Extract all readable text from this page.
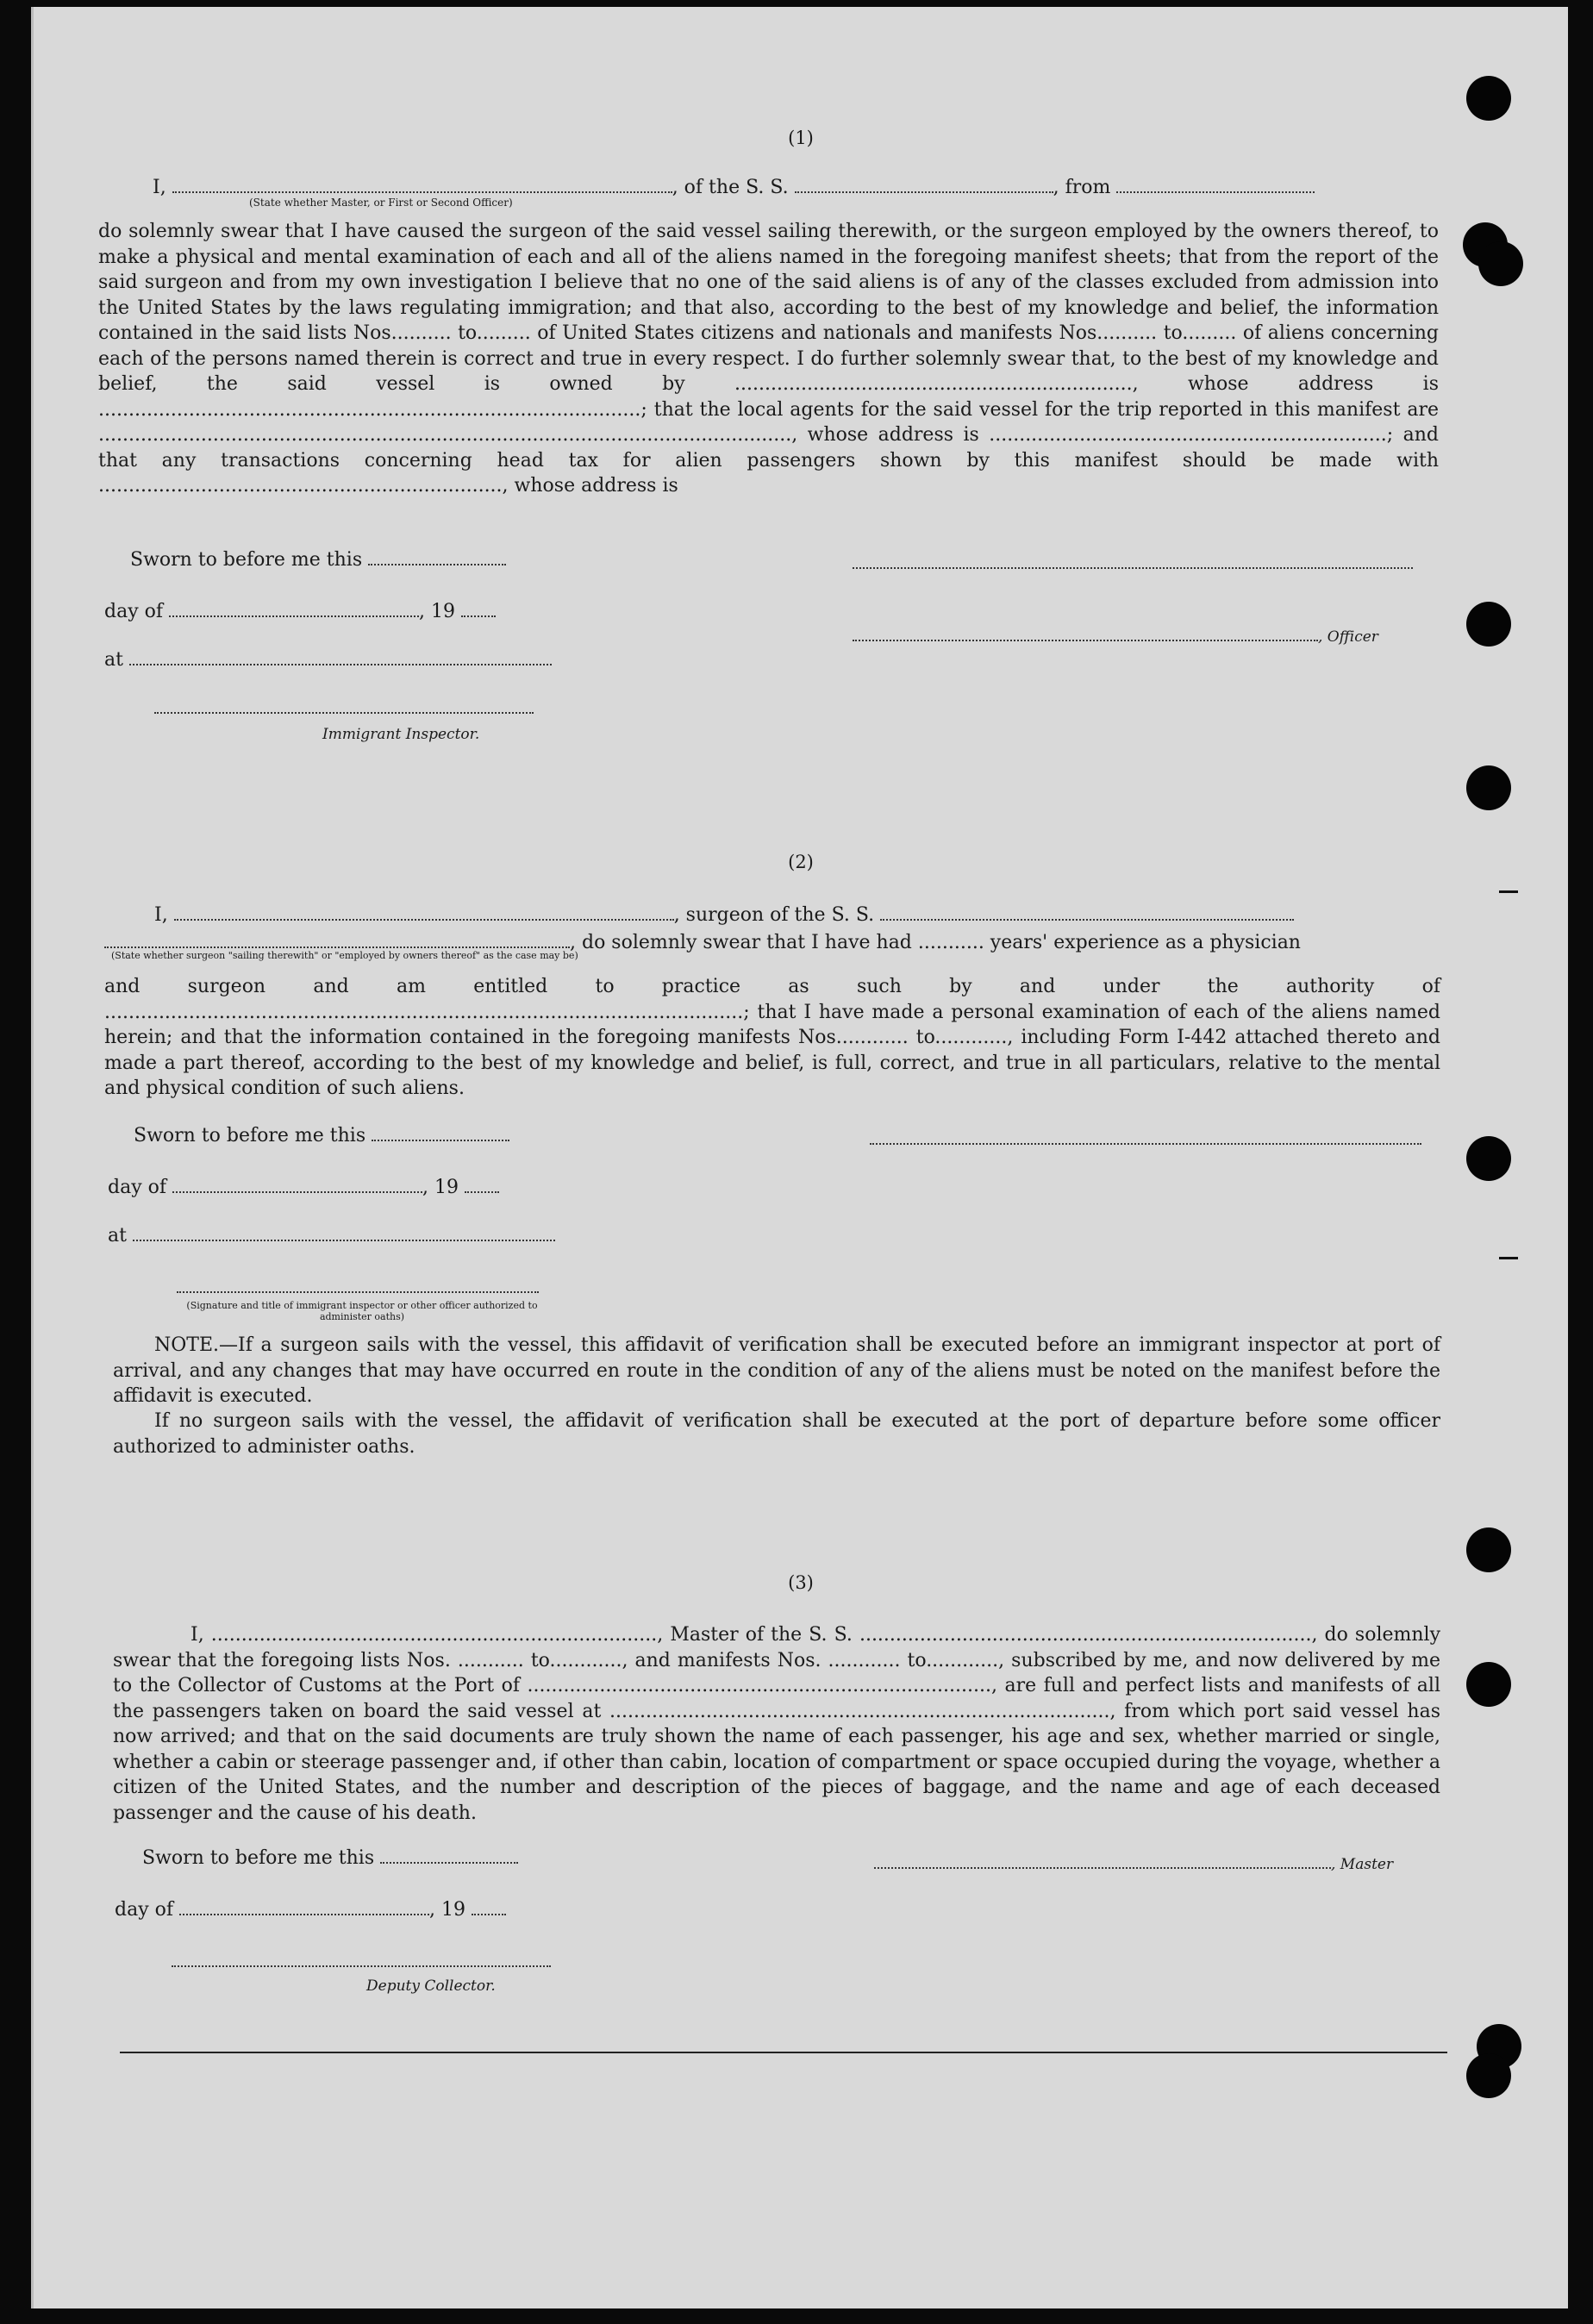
(1)
I,	, of the S. S.	, from
(State whether Master, or First or Second Officer)
do solemnly swear that I have caused the surgeon of the said vessel sailing therewith, or the surgeon employed by the owners thereof, to make a physical and mental examination of each and all of the aliens named in the foregoing manifest sheets; that from the report of the said surgeon and from my own investigation I believe that no one of the said aliens is of any of the classes excluded from admission into the United States by the laws regulating immigration; and that also, according to the best of my knowledge and belief, the information contained in the said lists Nos.......... to......... of United States citizens and nationals and manifests Nos.......... to......... of aliens concerning each of the persons named therein is correct and true in every respect. I do further solemnly swear that, to the best of my knowledge and belief, the said vessel is owned by .................................................................., whose address is ..........................................................................................; that the local agents for the said vessel for the trip reported in this manifest are ..................................................................................................................., whose address is ..................................................................; and that any transactions concerning head tax for alien passengers shown by this manifest should be made with ..................................................................., whose address is
Sworn to before me this
day of	, 19
, Officer
at
Immigrant Inspector.
(2)
I,	, surgeon of the S. S.
, do solemnly swear that I have had ........... years' experience as a physician
(State whether surgeon "sailing therewith" or "employed by owners thereof" as the case may be)
and surgeon and am entitled to practice as such by and under the authority of ..........................................................................................................; that I have made a personal examination of each of the aliens named herein; and that the information contained in the foregoing manifests Nos............ to............, including Form I-442 attached thereto and made a part thereof, according to the best of my knowledge and belief, is full, correct, and true in all particulars, relative to the mental and physical condition of such aliens.
Sworn to before me this
day of	, 19
at
(Signature and title of immigrant inspector or other officer authorized to administer oaths)
NOTE.—If a surgeon sails with the vessel, this affidavit of verification shall be executed before an immigrant inspector at port of arrival, and any changes that may have occurred en route in the condition of any of the aliens must be noted on the manifest before the affidavit is executed.
If no surgeon sails with the vessel, the affidavit of verification shall be executed at the port of departure before some officer authorized to administer oaths.
(3)
I, .........................................................................., Master of the S. S. ..........................................................................., do solemnly swear that the foregoing lists Nos. ........... to............, and manifests Nos. ............ to............, subscribed by me, and now delivered by me to the Collector of Customs at the Port of ............................................................................., are full and perfect lists and manifests of all the passengers taken on board the said vessel at ..................................................................................., from which port said vessel has now arrived; and that on the said documents are truly shown the name of each passenger, his age and sex, whether married or single, whether a cabin or steerage passenger and, if other than cabin, location of compartment or space occupied during the voyage, whether a citizen of the United States, and the number and description of the pieces of baggage, and the name and age of each deceased passenger and the cause of his death.
Sworn to before me this	, Master
day of	, 19
Deputy Collector.
